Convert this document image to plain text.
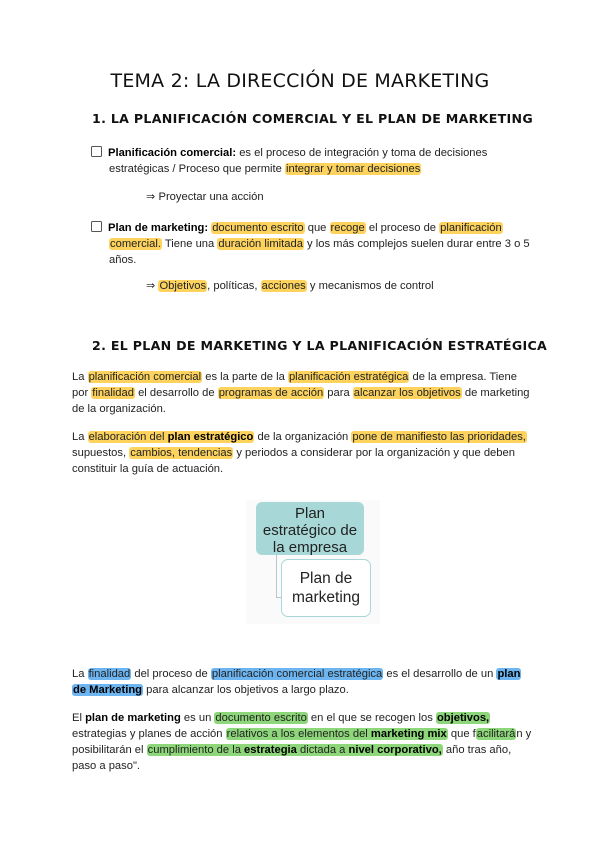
TEMA 2: LA DIRECCIÓN DE MARKETING
1. LA PLANIFICACIÓN COMERCIAL Y EL PLAN DE MARKETING
Planificación comercial: es el proceso de integración y toma de decisiones
estratégicas / Proceso que permite integrar y tomar decisiones
⇒ Proyectar una acción
Plan de marketing: documento escrito que recoge el proceso de planificación
comercial. Tiene una duración limitada y los más complejos suelen durar entre 3 o 5
años.
⇒ Objetivos, políticas, acciones y mecanismos de control
2. EL PLAN DE MARKETING Y LA PLANIFICACIÓN ESTRATÉGICA
La planificación comercial es la parte de la planificación estratégica de la empresa. Tiene
por finalidad el desarrollo de programas de acción para alcanzar los objetivos de marketing
de la organización.
La elaboración del plan estratégico de la organización pone de manifiesto las prioridades,
supuestos, cambios, tendencias y periodos a considerar por la organización y que deben
constituir la guía de actuación.
Plan
estratégico de
la empresa
Plan de
marketing
La finalidad del proceso de planificación comercial estratégica es el desarrollo de un plan
de Marketing para alcanzar los objetivos a largo plazo.
El plan de marketing es un documento escrito en el que se recogen los objetivos,
estrategias y planes de acción relativos a los elementos del marketing mix que facilitarán y
posibilitarán el cumplimiento de la estrategia dictada a nivel corporativo, año tras año,
paso a paso".
